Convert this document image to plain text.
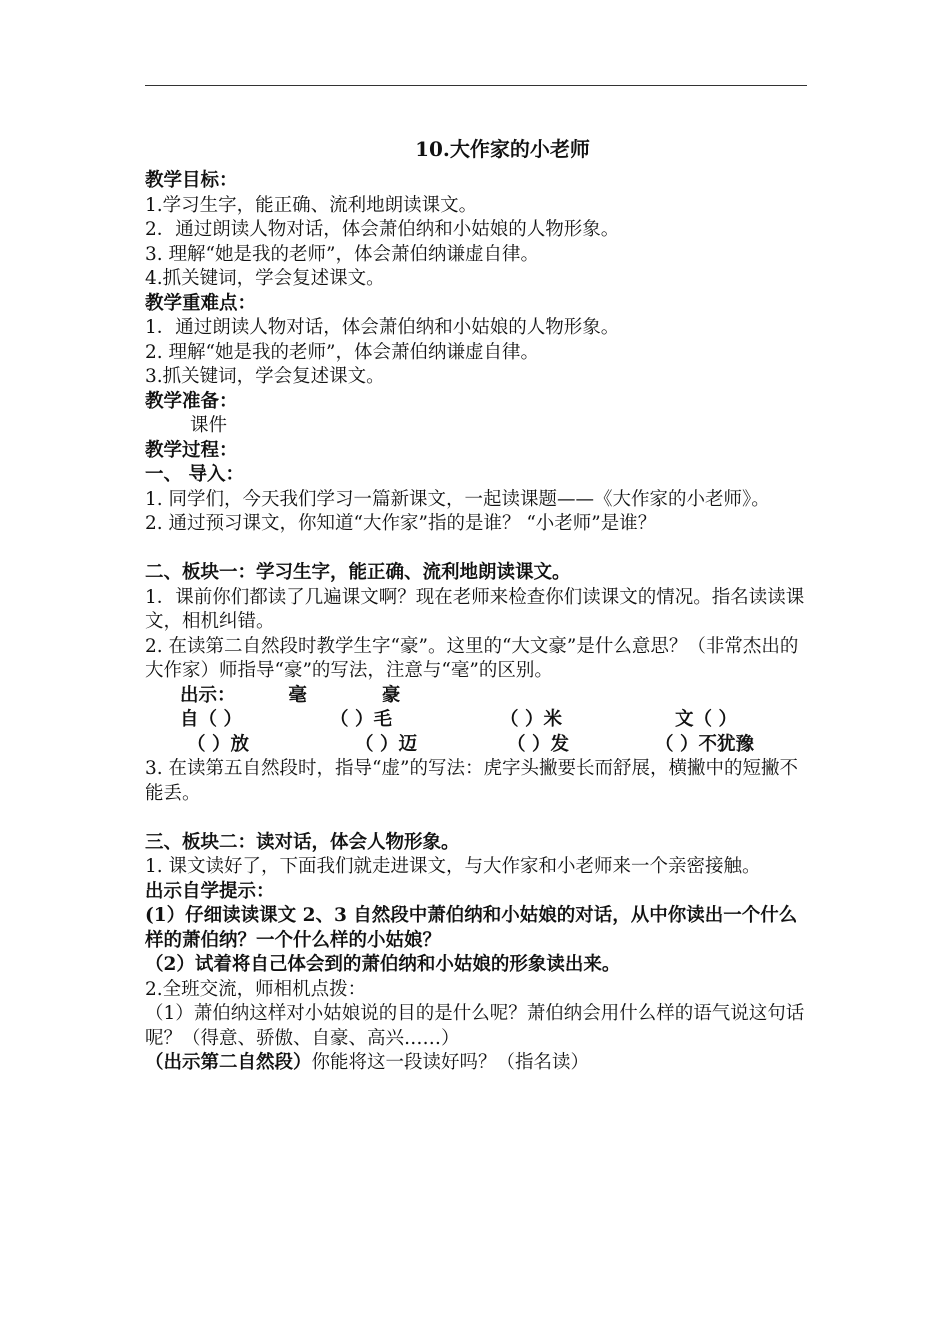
10.大作家的小老师
教学目标：
1.学习生字，能正确、流利地朗读课文。
2．通过朗读人物对话，体会萧伯纳和小姑娘的人物形象。
3. 理解“她是我的老师”，体会萧伯纳谦虚自律。
4.抓关键词，学会复述课文。
教学重难点：
1．通过朗读人物对话，体会萧伯纳和小姑娘的人物形象。
2. 理解“她是我的老师”，体会萧伯纳谦虚自律。
3.抓关键词，学会复述课文。
教学准备：
课件
教学过程：
一、 导入：
1. 同学们，今天我们学习一篇新课文，一起读课题——《大作家的小老师》。
2. 通过预习课文，你知道“大作家”指的是谁？ “小老师”是谁？
二、板块一：学习生字，能正确、流利地朗读课文。
1．课前你们都读了几遍课文啊？现在老师来检查你们读课文的情况。指名读读课文，相机纠错。
2. 在读第二自然段时教学生字“豪”。这里的“大文豪”是什么意思？（非常杰出的大作家）师指导“豪”的写法，注意与“毫”的区别。
出示：	毫	豪
自（ ）	（ ）毛	（ ）米	文（ ）
（ ）放	（ ）迈	（ ）发	（ ）不犹豫
3. 在读第五自然段时，指导“虚”的写法：虎字头撇要长而舒展，横撇中的短撇不能丢。
三、板块二：读对话，体会人物形象。
1. 课文读好了，下面我们就走进课文，与大作家和小老师来一个亲密接触。
出示自学提示：
(1）仔细读读课文 2、3 自然段中萧伯纳和小姑娘的对话，从中你读出一个什么样的萧伯纳？一个什么样的小姑娘？
（2）试着将自己体会到的萧伯纳和小姑娘的形象读出来。
2.全班交流，师相机点拨：
（1）萧伯纳这样对小姑娘说的目的是什么呢？萧伯纳会用什么样的语气说这句话呢？（得意、骄傲、自豪、高兴……）
（出示第二自然段）你能将这一段读好吗？（指名读）
